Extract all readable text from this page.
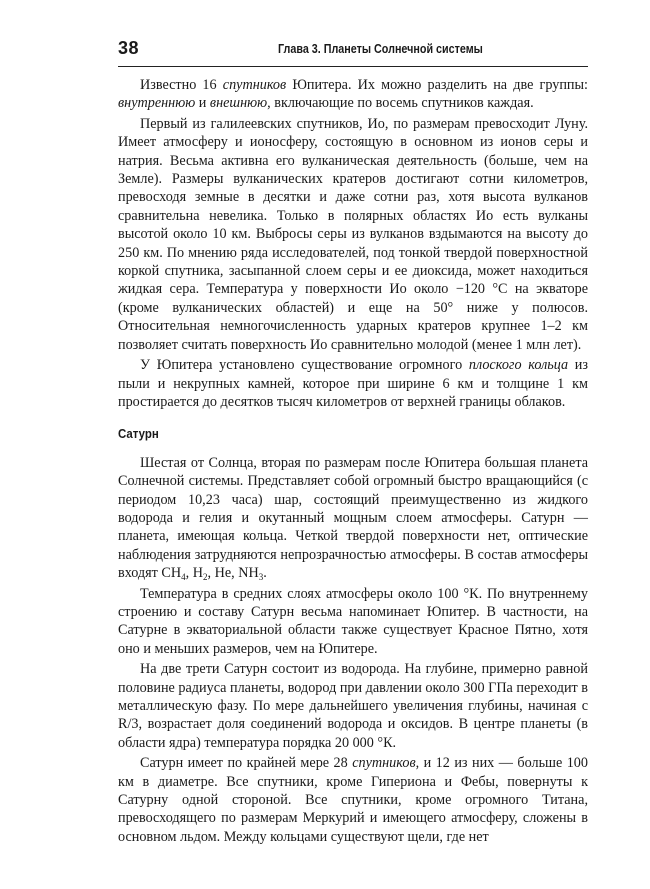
38	Глава 3. Планеты Солнечной системы

Известно 16 спутников Юпитера. Их можно разделить на две группы: внутреннюю и внешнюю, включающие по восемь спутников каждая.

Первый из галилеевских спутников, Ио, по размерам превосходит Луну. Имеет атмосферу и ионосферу, состоящую в основном из ионов серы и натрия. Весьма активна его вулканическая деятельность (больше, чем на Земле). Размеры вулканических кратеров достигают сотни километров, превосходя земные в десятки и даже сотни раз, хотя высота вулканов сравнительна невелика. Только в полярных областях Ио есть вулканы высотой около 10 км. Выбросы серы из вулканов вздымаются на высоту до 250 км. По мнению ряда исследователей, под тонкой твердой поверхностной коркой спутника, засыпанной слоем серы и ее диоксида, может находиться жидкая сера. Температура у поверхности Ио около −120 °С на экваторе (кроме вулканических областей) и еще на 50° ниже у полюсов. Относительная немногочисленность ударных кратеров крупнее 1–2 км позволяет считать поверхность Ио сравнительно молодой (менее 1 млн лет).

У Юпитера установлено существование огромного плоского кольца из пыли и некрупных камней, которое при ширине 6 км и толщине 1 км простирается до десятков тысяч километров от верхней границы облаков.

Сатурн

Шестая от Солнца, вторая по размерам после Юпитера большая планета Солнечной системы. Представляет собой огромный быстро вращающийся (с периодом 10,23 часа) шар, состоящий преимущественно из жидкого водорода и гелия и окутанный мощным слоем атмосферы. Сатурн — планета, имеющая кольца. Четкой твердой поверхности нет, оптические наблюдения затрудняются непрозрачностью атмосферы. В состав атмосферы входят $CH_4$, $H_2$, He, $NH_3$.

Температура в средних слоях атмосферы около 100 °К. По внутреннему строению и составу Сатурн весьма напоминает Юпитер. В частности, на Сатурне в экваториальной области также существует Красное Пятно, хотя оно и меньших размеров, чем на Юпитере.

На две трети Сатурн состоит из водорода. На глубине, примерно равной половине радиуса планеты, водород при давлении около 300 ГПа переходит в металлическую фазу. По мере дальнейшего увеличения глубины, начиная с R/3, возрастает доля соединений водорода и оксидов. В центре планеты (в области ядра) температура порядка 20 000 °К.

Сатурн имеет по крайней мере 28 спутников, и 12 из них — больше 100 км в диаметре. Все спутники, кроме Гипериона и Фебы, повернуты к Сатурну одной стороной. Все спутники, кроме огромного Титана, превосходящего по размерам Меркурий и имеющего атмосферу, сложены в основном льдом. Между кольцами существуют щели, где нет
